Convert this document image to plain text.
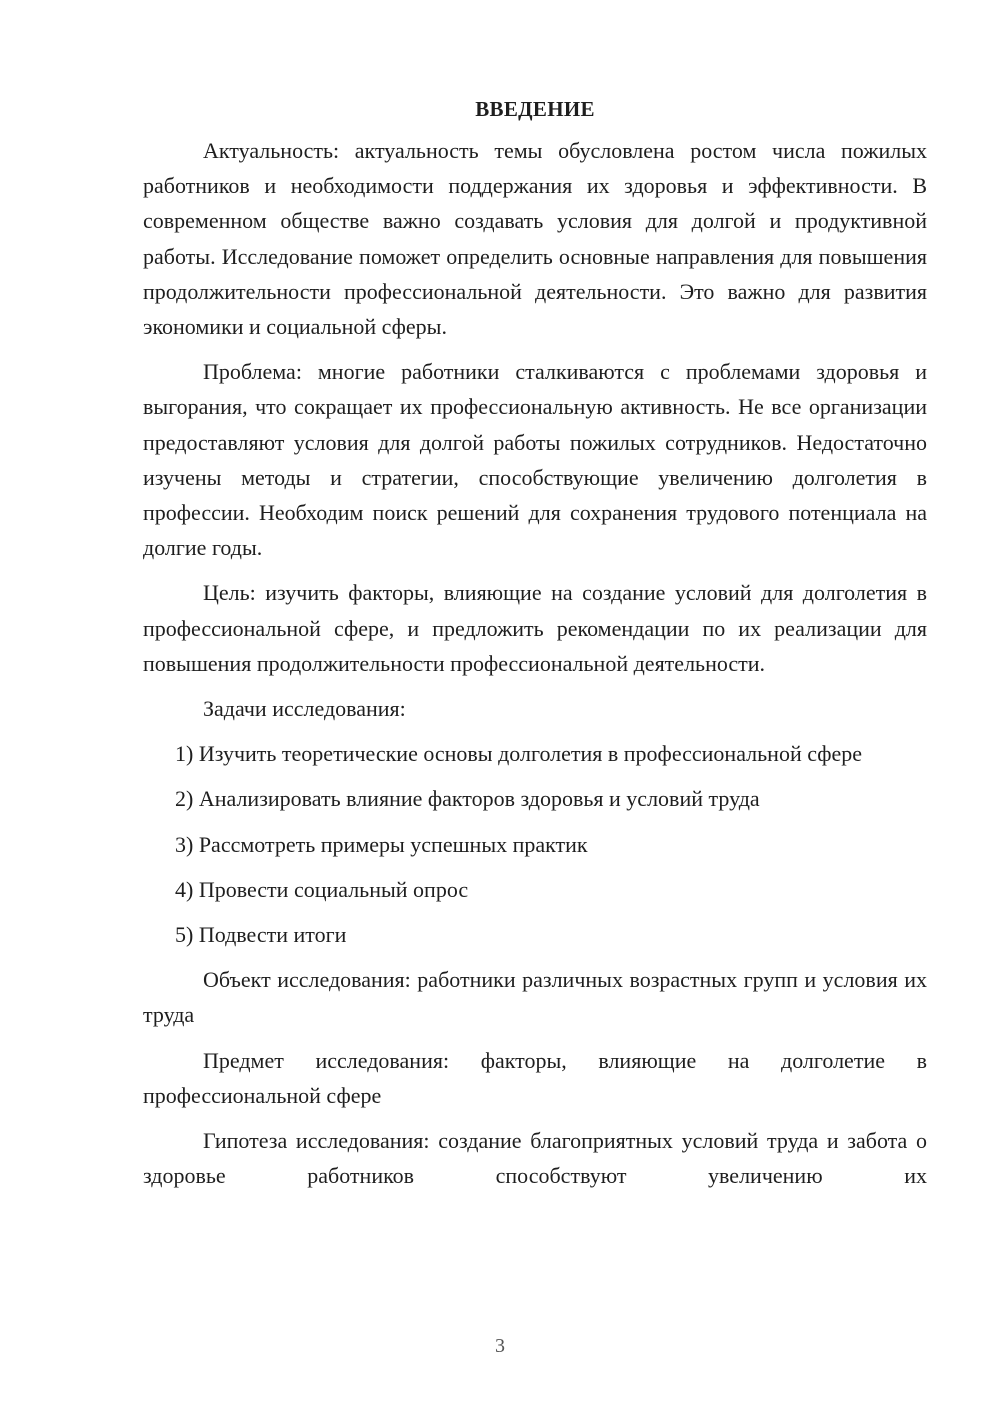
ВВЕДЕНИЕ

Актуальность: актуальность темы обусловлена ростом числа пожилых работников и необходимости поддержания их здоровья и эффективности. В современном обществе важно создавать условия для долгой и продуктивной работы. Исследование поможет определить основные направления для повышения продолжительности профессиональной деятельности. Это важно для развития экономики и социальной сферы.

Проблема: многие работники сталкиваются с проблемами здоровья и выгорания, что сокращает их профессиональную активность. Не все организации предоставляют условия для долгой работы пожилых сотрудников. Недостаточно изучены методы и стратегии, способствующие увеличению долголетия в профессии. Необходим поиск решений для сохранения трудового потенциала на долгие годы.

Цель: изучить факторы, влияющие на создание условий для долголетия в профессиональной сфере, и предложить рекомендации по их реализации для повышения продолжительности профессиональной деятельности.

Задачи исследования:

1) Изучить теоретические основы долголетия в профессиональной сфере

2) Анализировать влияние факторов здоровья и условий труда

3) Рассмотреть примеры успешных практик

4) Провести социальный опрос

5) Подвести итоги

Объект исследования: работники различных возрастных групп и условия их труда

Предмет исследования: факторы, влияющие на долголетие в профессиональной сфере

Гипотеза исследования: создание благоприятных условий труда и забота о здоровье работников способствуют увеличению их

3
